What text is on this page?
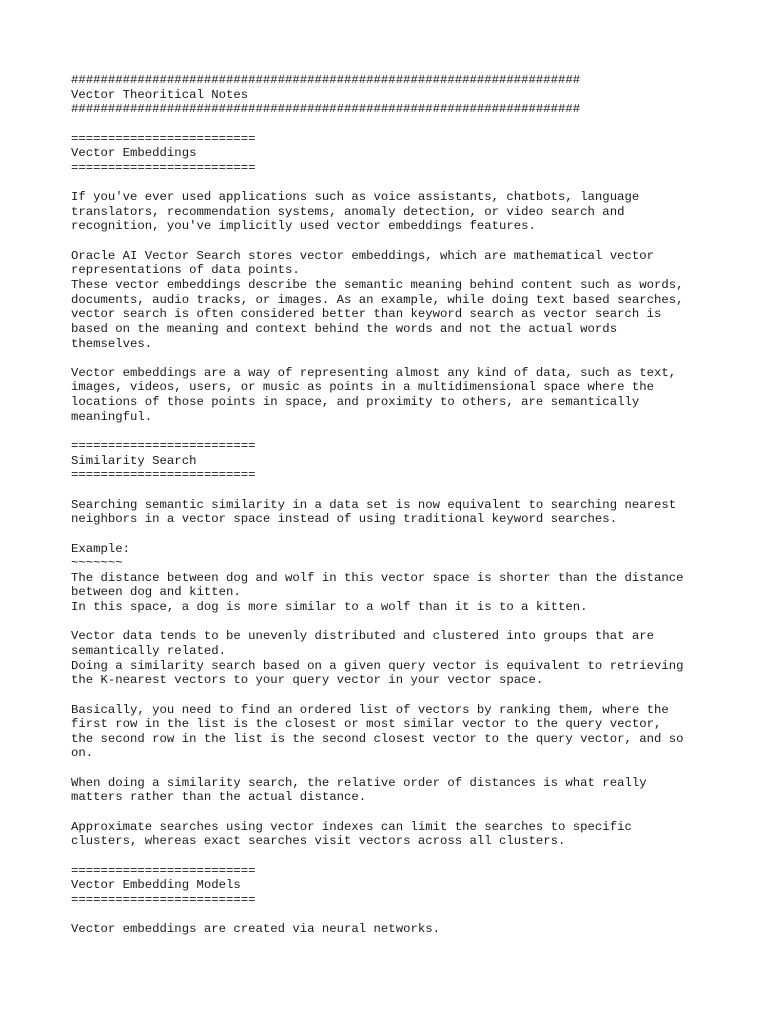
#####################################################################
Vector Theoritical Notes
#####################################################################
=========================
Vector Embeddings
=========================
If you've ever used applications such as voice assistants, chatbots, language
translators, recommendation systems, anomaly detection, or video search and
recognition, you've implicitly used vector embeddings features.
Oracle AI Vector Search stores vector embeddings, which are mathematical vector
representations of data points.
These vector embeddings describe the semantic meaning behind content such as words,
documents, audio tracks, or images. As an example, while doing text based searches,
vector search is often considered better than keyword search as vector search is
based on the meaning and context behind the words and not the actual words
themselves.
Vector embeddings are a way of representing almost any kind of data, such as text,
images, videos, users, or music as points in a multidimensional space where the
locations of those points in space, and proximity to others, are semantically
meaningful.
=========================
Similarity Search
=========================
Searching semantic similarity in a data set is now equivalent to searching nearest
neighbors in a vector space instead of using traditional keyword searches.
Example:
~~~~~~~
The distance between dog and wolf in this vector space is shorter than the distance
between dog and kitten.
In this space, a dog is more similar to a wolf than it is to a kitten.
Vector data tends to be unevenly distributed and clustered into groups that are
semantically related.
Doing a similarity search based on a given query vector is equivalent to retrieving
the K-nearest vectors to your query vector in your vector space.
Basically, you need to find an ordered list of vectors by ranking them, where the
first row in the list is the closest or most similar vector to the query vector,
the second row in the list is the second closest vector to the query vector, and so
on.
When doing a similarity search, the relative order of distances is what really
matters rather than the actual distance.
Approximate searches using vector indexes can limit the searches to specific
clusters, whereas exact searches visit vectors across all clusters.
=========================
Vector Embedding Models
=========================
Vector embeddings are created via neural networks.
